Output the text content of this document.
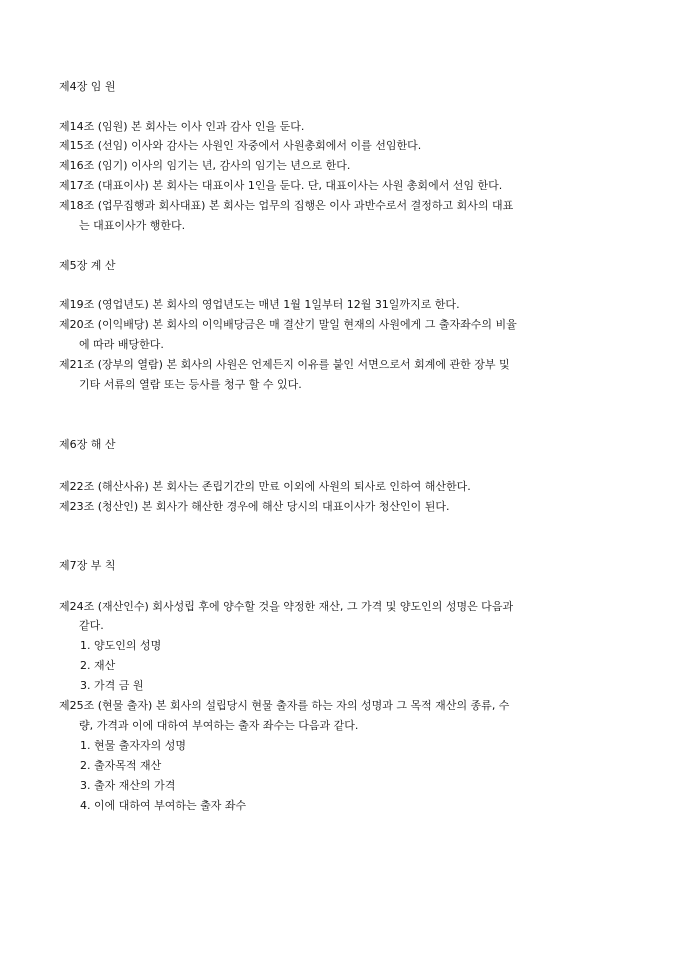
제4장 임 원
제14조 (임원) 본 회사는 이사 인과 감사 인을 둔다.
제15조 (선임) 이사와 감사는 사원인 자중에서 사원총회에서 이를 선임한다.
제16조 (임기) 이사의 임기는 년, 감사의 임기는 년으로 한다.
제17조 (대표이사) 본 회사는 대표이사 1인을 둔다. 단, 대표이사는 사원 총회에서 선임 한다.
제18조 (업무집행과 회사대표) 본 회사는 업무의 집행은 이사 과반수로서 결정하고 회사의 대표
는 대표이사가 행한다.
제5장 계 산
제19조 (영업년도) 본 회사의 영업년도는 매년 1월 1일부터 12월 31일까지로 한다.
제20조 (이익배당) 본 회사의 이익배당금은 매 결산기 말일 현재의 사원에게 그 출자좌수의 비율
에 따라 배당한다.
제21조 (장부의 열람) 본 회사의 사원은 언제든지 이유를 붙인 서면으로서 회계에 관한 장부 및
기타 서류의 열람 또는 등사를 청구 할 수 있다.
제6장 해 산
제22조 (해산사유) 본 회사는 존립기간의 만료 이외에 사원의 퇴사로 인하여 해산한다.
제23조 (청산인) 본 회사가 해산한 경우에 해산 당시의 대표이사가 청산인이 된다.
제7장 부 칙
제24조 (재산인수) 회사성립 후에 양수할 것을 약정한 재산, 그 가격 및 양도인의 성명은 다음과
같다.
1. 양도인의 성명
2. 재산
3. 가격 금 원
제25조 (현물 출자) 본 회사의 설립당시 현물 출자를 하는 자의 성명과 그 목적 재산의 종류, 수
량, 가격과 이에 대하여 부여하는 출자 좌수는 다음과 같다.
1. 현물 출자자의 성명
2. 출자목적 재산
3. 출자 재산의 가격
4. 이에 대하여 부여하는 출자 좌수
